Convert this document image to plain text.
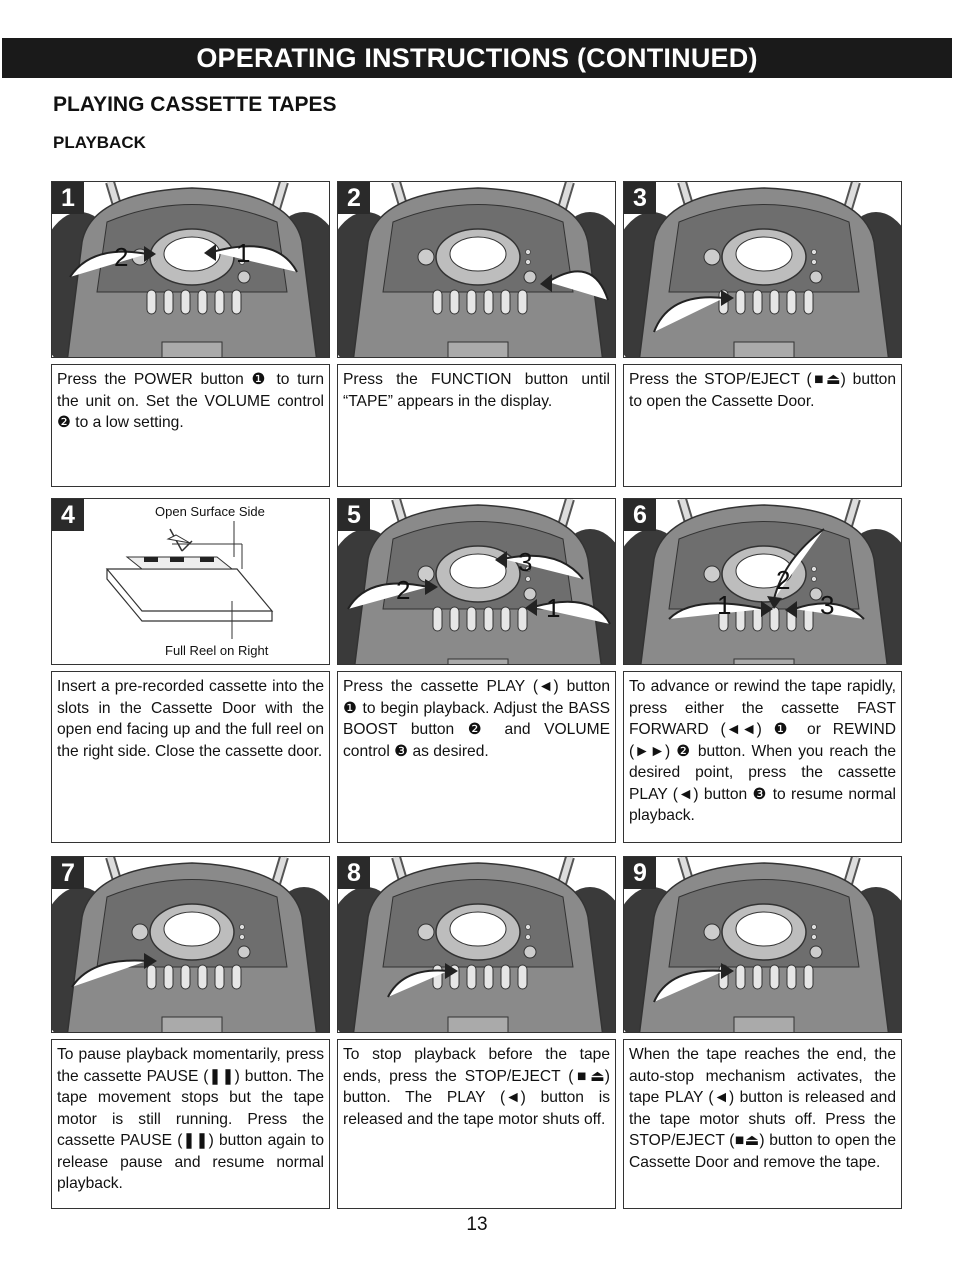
OPERATING INSTRUCTIONS (CONTINUED)
PLAYING CASSETTE TAPES
PLAYBACK
2	1
1
Press the POWER button ❶ to turn the unit on. Set the VOLUME control ❷ to a low setting.
2
Press the FUNCTION button until “TAPE” appears in the display.
3
Press the STOP/EJECT (■⏏) button to open the Cassette Door.
4	Open Surface Side
Full Reel on Right
Insert a pre-recorded cassette into the slots in the Cassette Door with the open end facing up and the full reel on the right side. Close the cassette door.
2
3
1
5
Press the cassette PLAY (◄) button ❶ to begin playback. Adjust the BASS BOOST button ❷ and VOLUME control ❸ as desired.
2
1	3
6
To advance or rewind the tape rapidly, press either the cassette FAST FORWARD (◄◄) ❶ or REWIND (►►) ❷ button. When you reach the desired point, press the cassette PLAY (◄) button ❸ to resume normal playback.
7
To pause playback momentarily, press the cassette PAUSE (❚❚) button. The tape movement stops but the tape motor is still running. Press the cassette PAUSE (❚❚) button again to release pause and resume normal playback.
8
To stop playback before the tape ends, press the STOP/EJECT (■⏏) button. The PLAY (◄) button is released and the tape motor shuts off.
9
When the tape reaches the end, the auto-stop mechanism activates, the tape PLAY (◄) button is released and the tape motor shuts off. Press the STOP/EJECT (■⏏) button to open the Cassette Door and remove the tape.
13
